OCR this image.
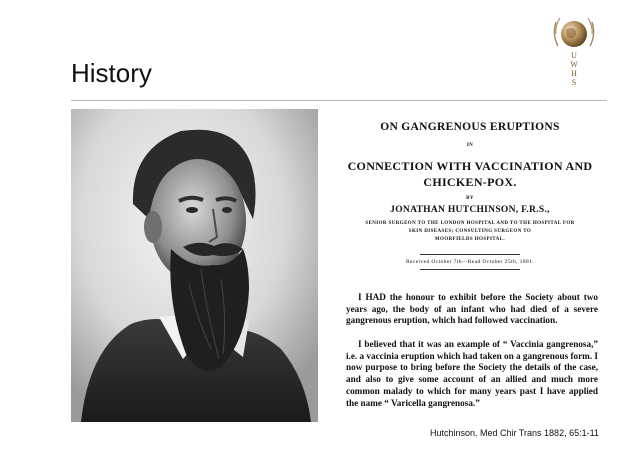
History
U
W
H
S
ON GANGRENOUS ERUPTIONS
IN
CONNECTION WITH VACCINATION AND
CHICKEN-POX.
BY
JONATHAN HUTCHINSON, F.R.S.,
SENIOR SURGEON TO THE LONDON HOSPITAL AND TO THE HOSPITAL FOR
SKIN DISEASES; CONSULTING SURGEON TO
MOORFIELDS HOSPITAL.
Received October 7th—Read October 25th, 1881.
I HAD the honour to exhibit before the Society about two years ago, the body of an infant who had died of a severe gangrenous eruption, which had followed vaccination.
I believed that it was an example of “ Vaccinia gangrenosa,” i.e. a vaccinia eruption which had taken on a gangrenous form. I now purpose to bring before the Society the details of the case, and also to give some account of an allied and much more common malady to which for many years past I have applied the name “ Varicella gangrenosa.”
Hutchinson. Med Chir Trans 1882, 65:1-11
